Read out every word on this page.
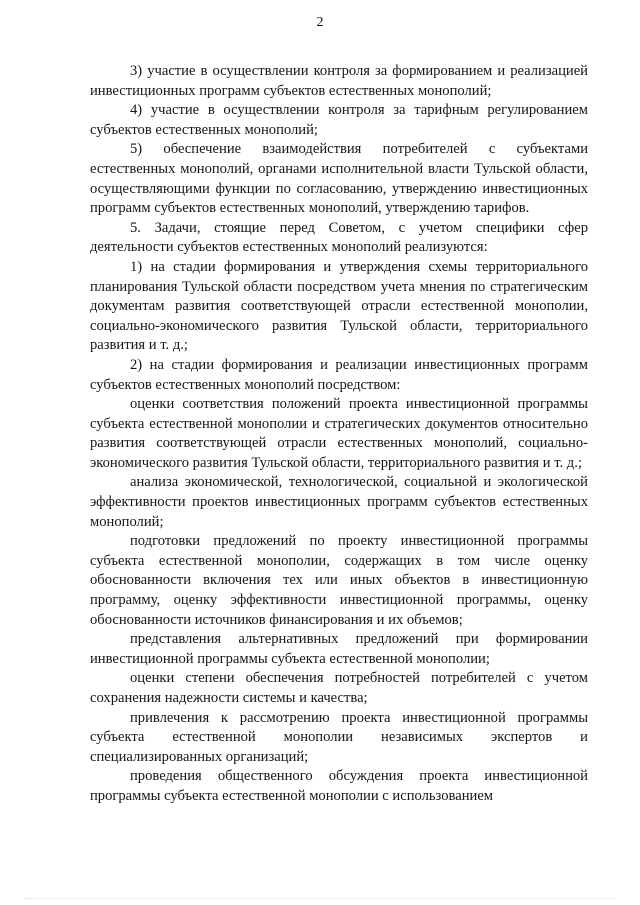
2

3) участие в осуществлении контроля за формированием и реализацией инвестиционных программ субъектов естественных монополий;

4) участие в осуществлении контроля за тарифным регулированием субъектов естественных монополий;

5) обеспечение взаимодействия потребителей с субъектами естественных монополий, органами исполнительной власти Тульской области, осуществляющими функции по согласованию, утверждению инвестиционных программ субъектов естественных монополий, утверждению тарифов.

5. Задачи, стоящие перед Советом, с учетом специфики сфер деятельности субъектов естественных монополий реализуются:

1) на стадии формирования и утверждения схемы территориального планирования Тульской области посредством учета мнения по стратегическим документам развития соответствующей отрасли естественной монополии, социально-экономического развития Тульской области, территориального развития и т. д.;

2) на стадии формирования и реализации инвестиционных программ субъектов естественных монополий посредством:

оценки соответствия положений проекта инвестиционной программы субъекта естественной монополии и стратегических документов относительно развития соответствующей отрасли естественных монополий, социально-экономического развития Тульской области, территориального развития и т. д.;

анализа экономической, технологической, социальной и экологической эффективности проектов инвестиционных программ субъектов естественных монополий;

подготовки предложений по проекту инвестиционной программы субъекта естественной монополии, содержащих в том числе оценку обоснованности включения тех или иных объектов в инвестиционную программу, оценку эффективности инвестиционной программы, оценку обоснованности источников финансирования и их объемов;

представления альтернативных предложений при формировании инвестиционной программы субъекта естественной монополии;

оценки степени обеспечения потребностей потребителей с учетом сохранения надежности системы и качества;

привлечения к рассмотрению проекта инвестиционной программы субъекта естественной монополии независимых экспертов и специализированных организаций;

проведения общественного обсуждения проекта инвестиционной программы субъекта естественной монополии с использованием
